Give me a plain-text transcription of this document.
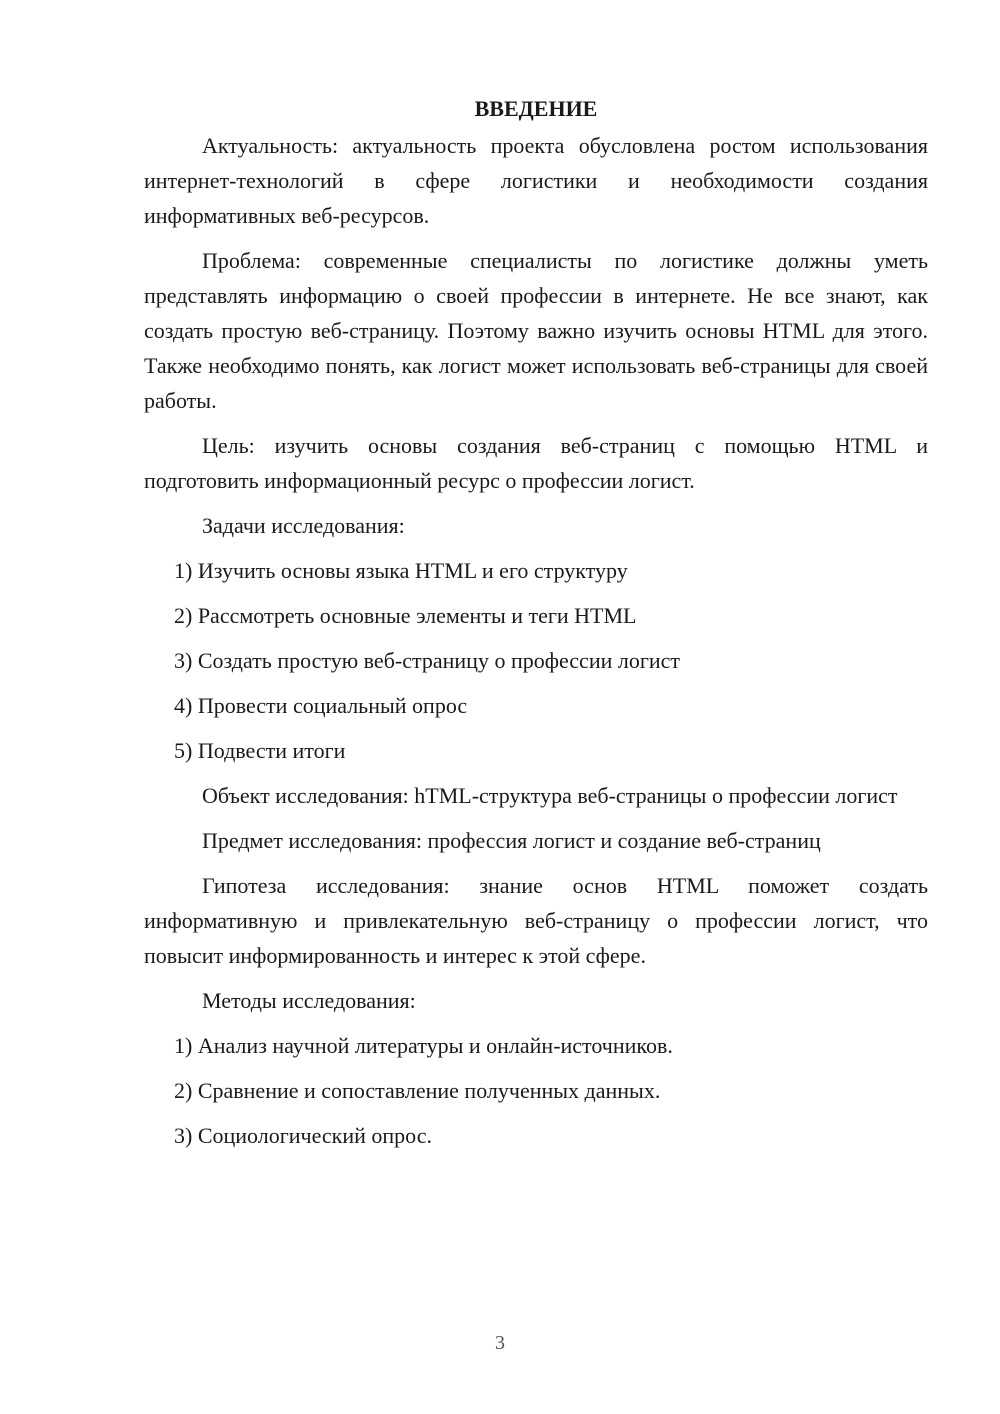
ВВЕДЕНИЕ

Актуальность: актуальность проекта обусловлена ростом использования интернет-технологий в сфере логистики и необходимости создания информативных веб-ресурсов.

Проблема: современные специалисты по логистике должны уметь представлять информацию о своей профессии в интернете. Не все знают, как создать простую веб-страницу. Поэтому важно изучить основы HTML для этого. Также необходимо понять, как логист может использовать веб-страницы для своей работы.

Цель: изучить основы создания веб-страниц с помощью HTML и подготовить информационный ресурс о профессии логист.

Задачи исследования:

1) Изучить основы языка HTML и его структуру

2) Рассмотреть основные элементы и теги HTML

3) Создать простую веб-страницу о профессии логист

4) Провести социальный опрос

5) Подвести итоги

Объект исследования: hTML-структура веб-страницы о профессии логист

Предмет исследования: профессия логист и создание веб-страниц

Гипотеза исследования: знание основ HTML поможет создать информативную и привлекательную веб-страницу о профессии логист, что повысит информированность и интерес к этой сфере.

Методы исследования:

1) Анализ научной литературы и онлайн-источников.

2) Сравнение и сопоставление полученных данных.

3) Социологический опрос.

3
